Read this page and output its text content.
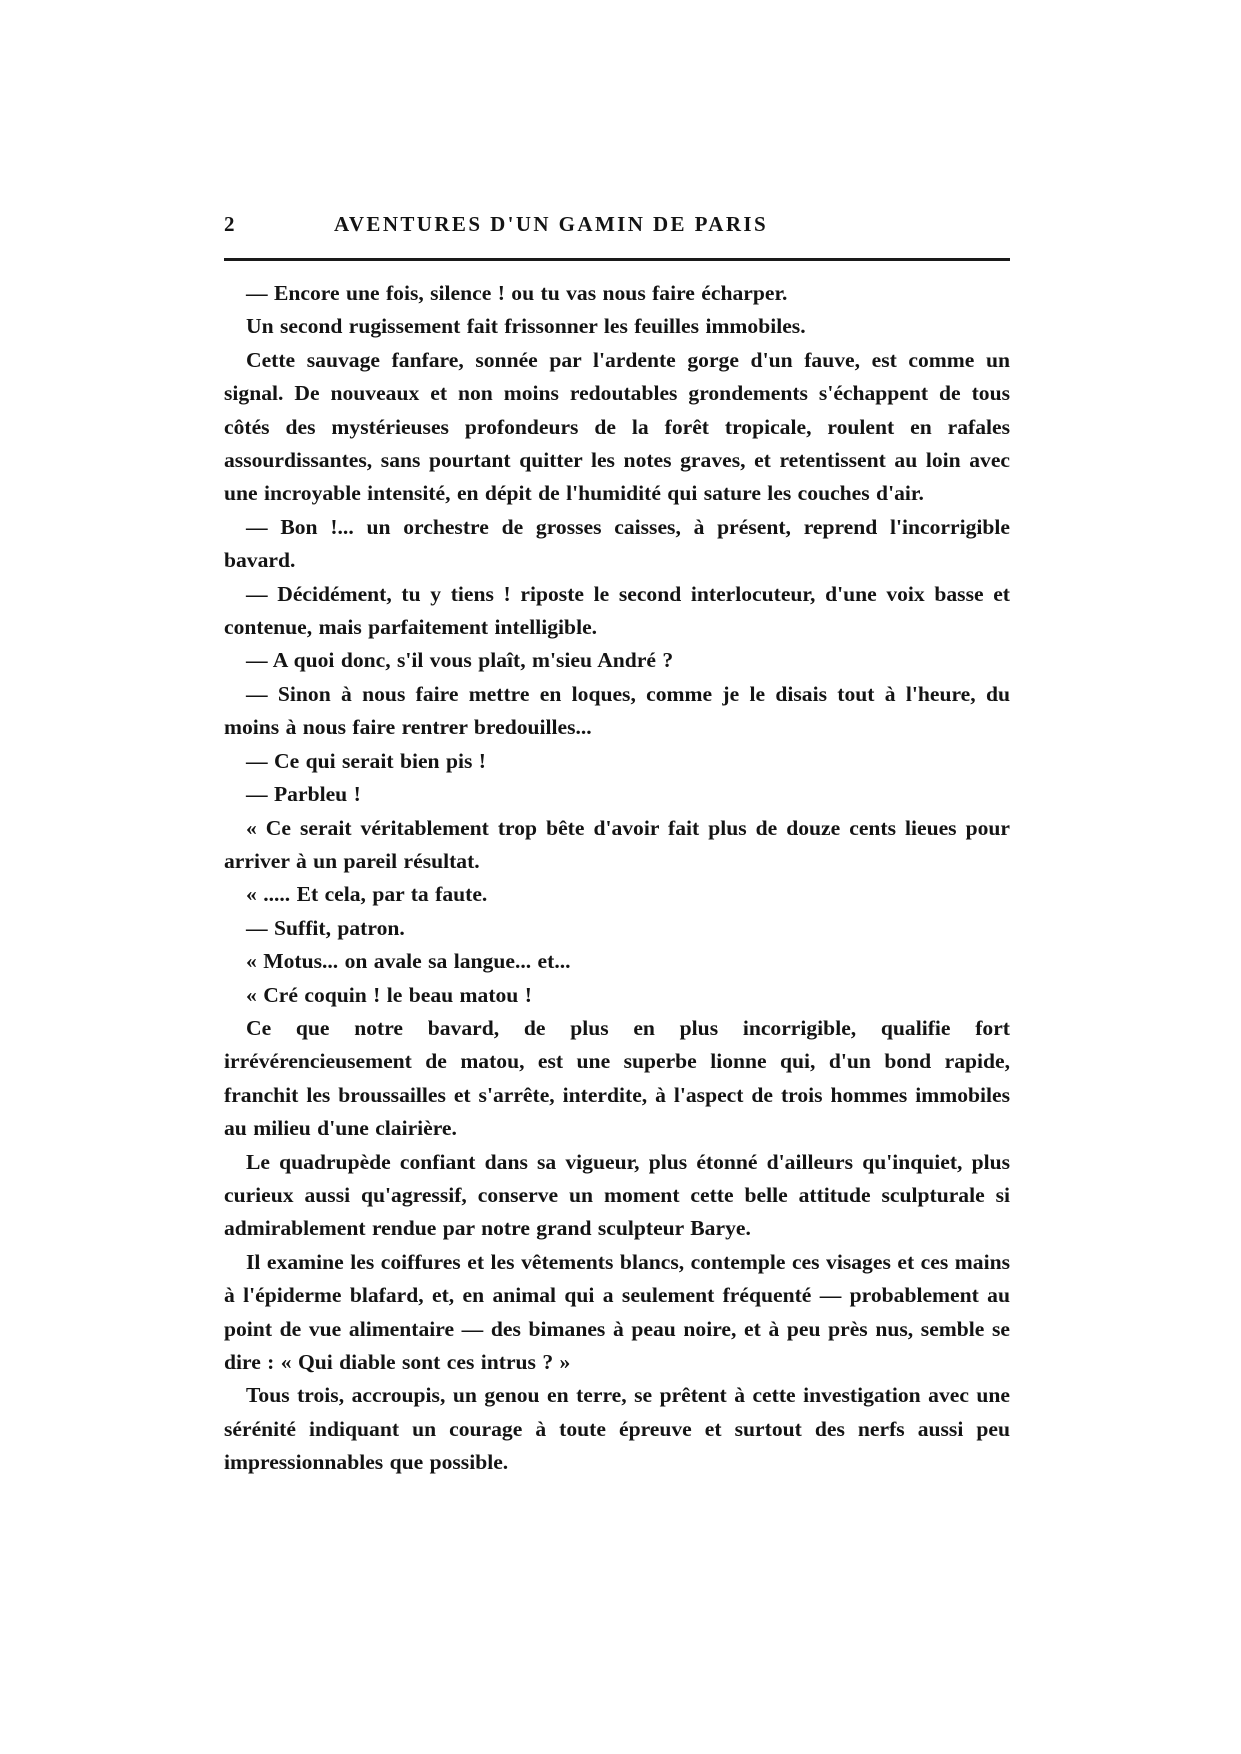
2	AVENTURES D'UN GAMIN DE PARIS

— Encore une fois, silence ! ou tu vas nous faire écharper.

Un second rugissement fait frissonner les feuilles immobiles.

Cette sauvage fanfare, sonnée par l'ardente gorge d'un fauve, est comme un signal. De nouveaux et non moins redoutables grondements s'échappent de tous côtés des mystérieuses profondeurs de la forêt tropicale, roulent en rafales assourdissantes, sans pourtant quitter les notes graves, et retentissent au loin avec une incroyable intensité, en dépit de l'humidité qui sature les couches d'air.

— Bon !... un orchestre de grosses caisses, à présent, reprend l'incorrigible bavard.

— Décidément, tu y tiens ! riposte le second interlocuteur, d'une voix basse et contenue, mais parfaitement intelligible.

— A quoi donc, s'il vous plaît, m'sieu André ?

— Sinon à nous faire mettre en loques, comme je le disais tout à l'heure, du moins à nous faire rentrer bredouilles...

— Ce qui serait bien pis !

— Parbleu !

« Ce serait véritablement trop bête d'avoir fait plus de douze cents lieues pour arriver à un pareil résultat.

« ..... Et cela, par ta faute.

— Suffit, patron.

« Motus... on avale sa langue... et...

« Cré coquin ! le beau matou !

Ce que notre bavard, de plus en plus incorrigible, qualifie fort irrévérencieusement de matou, est une superbe lionne qui, d'un bond rapide, franchit les broussailles et s'arrête, interdite, à l'aspect de trois hommes immobiles au milieu d'une clairière.

Le quadrupède confiant dans sa vigueur, plus étonné d'ailleurs qu'inquiet, plus curieux aussi qu'agressif, conserve un moment cette belle attitude sculpturale si admirablement rendue par notre grand sculpteur Barye.

Il examine les coiffures et les vêtements blancs, contemple ces visages et ces mains à l'épiderme blafard, et, en animal qui a seulement fréquenté — probablement au point de vue alimentaire — des bimanes à peau noire, et à peu près nus, semble se dire : « Qui diable sont ces intrus ? »

Tous trois, accroupis, un genou en terre, se prêtent à cette investigation avec une sérénité indiquant un courage à toute épreuve et surtout des nerfs aussi peu impressionnables que possible.
